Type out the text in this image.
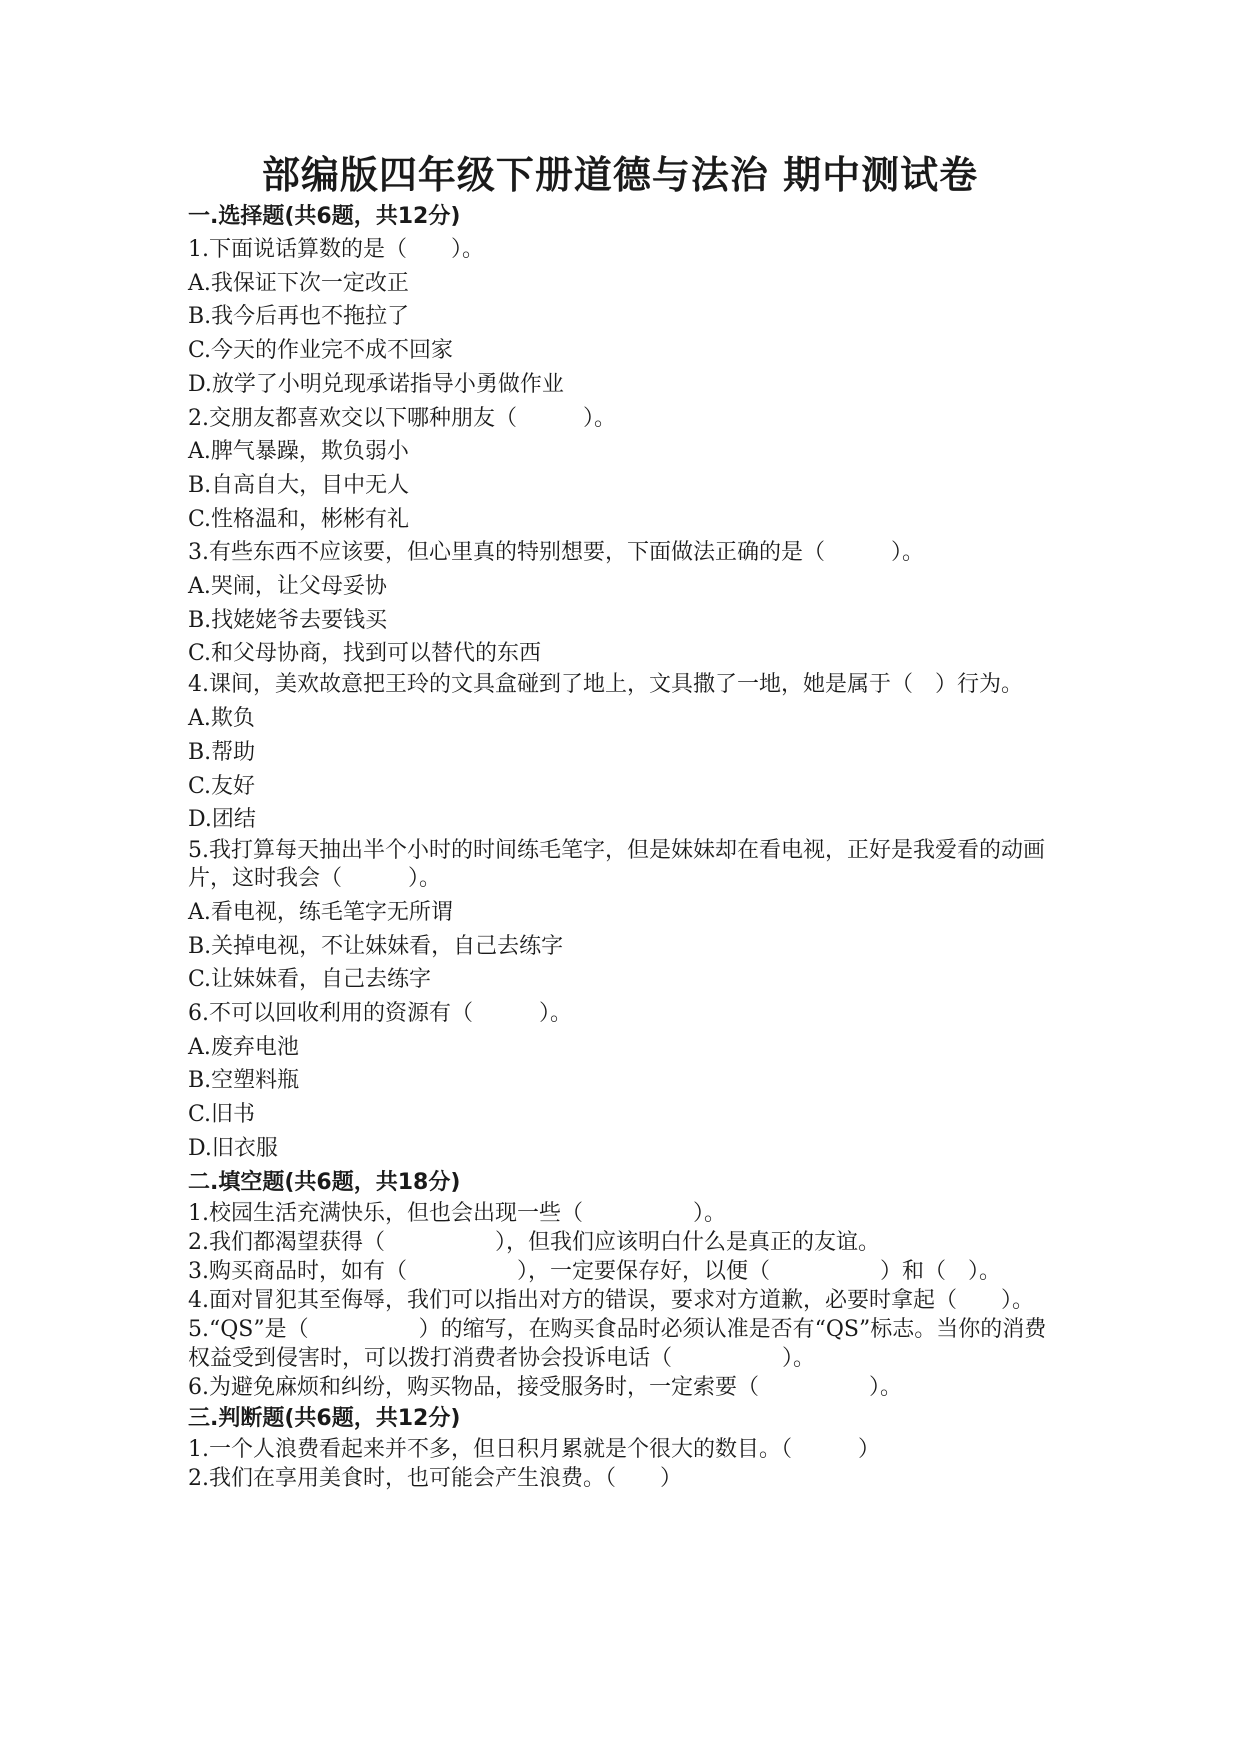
部编版四年级下册道德与法治 期中测试卷
一.选择题(共6题，共12分)
1.下面说话算数的是（　　）。
A.我保证下次一定改正
B.我今后再也不拖拉了
C.今天的作业完不成不回家
D.放学了小明兑现承诺指导小勇做作业
2.交朋友都喜欢交以下哪种朋友（　　　）。
A.脾气暴躁，欺负弱小
B.自高自大，目中无人
C.性格温和，彬彬有礼
3.有些东西不应该要，但心里真的特别想要，下面做法正确的是（　　　）。
A.哭闹，让父母妥协
B.找姥姥爷去要钱买
C.和父母协商，找到可以替代的东西
4.课间，美欢故意把王玲的文具盒碰到了地上，文具撒了一地，她是属于（　）行为。
A.欺负
B.帮助
C.友好
D.团结
5.我打算每天抽出半个小时的时间练毛笔字，但是妹妹却在看电视，正好是我爱看的动画片，这时我会（　　　）。
A.看电视，练毛笔字无所谓
B.关掉电视，不让妹妹看，自己去练字
C.让妹妹看，自己去练字
6.不可以回收利用的资源有（　　　）。
A.废弃电池
B.空塑料瓶
C.旧书
D.旧衣服
二.填空题(共6题，共18分)
1.校园生活充满快乐，但也会出现一些（　　　　　）。
2.我们都渴望获得（　　　　　），但我们应该明白什么是真正的友谊。
3.购买商品时，如有（　　　　　），一定要保存好，以便（　　　　　）和（　）。
4.面对冒犯其至侮辱，我们可以指出对方的错误，要求对方道歉，必要时拿起（　　）。
5.“QS”是（　　　　　）的缩写，在购买食品时必须认准是否有“QS”标志。当你的消费权益受到侵害时，可以拨打消费者协会投诉电话（　　　　　）。
6.为避免麻烦和纠纷，购买物品，接受服务时，一定索要（　　　　　）。
三.判断题(共6题，共12分)
1.一个人浪费看起来并不多，但日积月累就是个很大的数目。（　　　）
2.我们在享用美食时，也可能会产生浪费。（　　）
